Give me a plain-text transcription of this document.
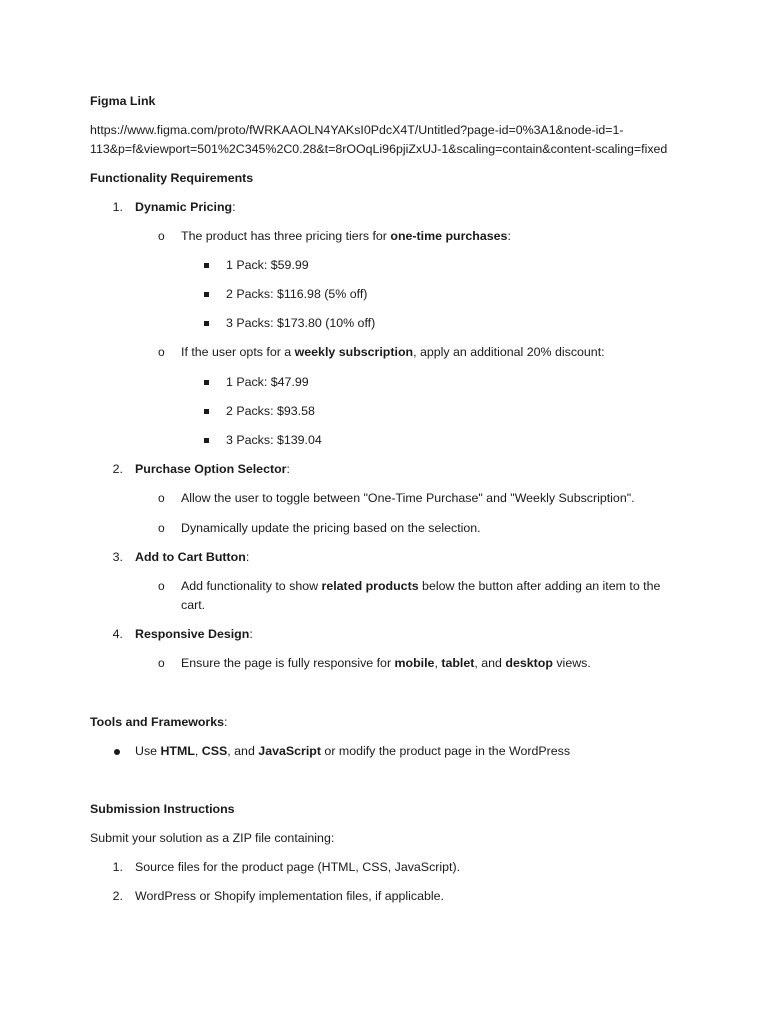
Figma Link
https://www.figma.com/proto/fWRKAAOLN4YAKsI0PdcX4T/Untitled?page-id=0%3A1&node-id=1-
113&p=f&viewport=501%2C345%2C0.28&t=8rOOqLi96pjiZxUJ-1&scaling=contain&content-scaling=fixed
Functionality Requirements
1. Dynamic Pricing:
o The product has three pricing tiers for one-time purchases:
1 Pack: $59.99
2 Packs: $116.98 (5% off)
3 Packs: $173.80 (10% off)
o If the user opts for a weekly subscription, apply an additional 20% discount:
1 Pack: $47.99
2 Packs: $93.58
3 Packs: $139.04
2. Purchase Option Selector:
o Allow the user to toggle between "One-Time Purchase" and "Weekly Subscription".
o Dynamically update the pricing based on the selection.
3. Add to Cart Button:
o Add functionality to show related products below the button after adding an item to the
cart.
4. Responsive Design:
o Ensure the page is fully responsive for mobile, tablet, and desktop views.
Tools and Frameworks:
Use HTML, CSS, and JavaScript or modify the product page in the WordPress
Submission Instructions
Submit your solution as a ZIP file containing:
1. Source files for the product page (HTML, CSS, JavaScript).
2. WordPress or Shopify implementation files, if applicable.
